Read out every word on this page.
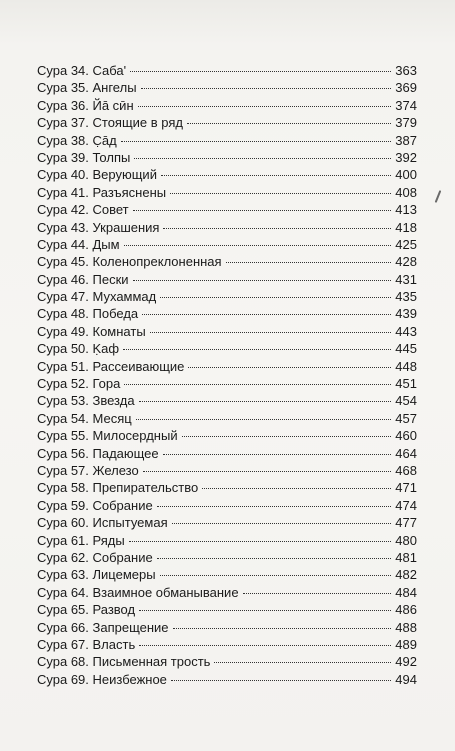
Сура 34. Саба'	363
Сура 35. Ангелы	369
Сура 36. Йа̄ сӣн	374
Сура 37. Стоящие в ряд	379
Сура 38. С̣а̄д	387
Сура 39. Толпы	392
Сура 40. Верующий	400
Сура 41. Разъяснены	408
Сура 42. Совет	413
Сура 43. Украшения	418
Сура 44. Дым	425
Сура 45. Коленопреклоненная	428
Сура 46. Пески	431
Сура 47. Мухаммад	435
Сура 48. Победа	439
Сура 49. Комнаты	443
Сура 50. Ḳаф	445
Сура 51. Рассеивающие	448
Сура 52. Гора	451
Сура 53. Звезда	454
Сура 54. Месяц	457
Сура 55. Милосердный	460
Сура 56. Падающее	464
Сура 57. Железо	468
Сура 58. Препирательство	471
Сура 59. Собрание	474
Сура 60. Испытуемая	477
Сура 61. Ряды	480
Сура 62. Собрание	481
Сура 63. Лицемеры	482
Сура 64. Взаимное обманывание	484
Сура 65. Развод	486
Сура 66. Запрещение	488
Сура 67. Власть	489
Сура 68. Письменная трость	492
Сура 69. Неизбежное	494
